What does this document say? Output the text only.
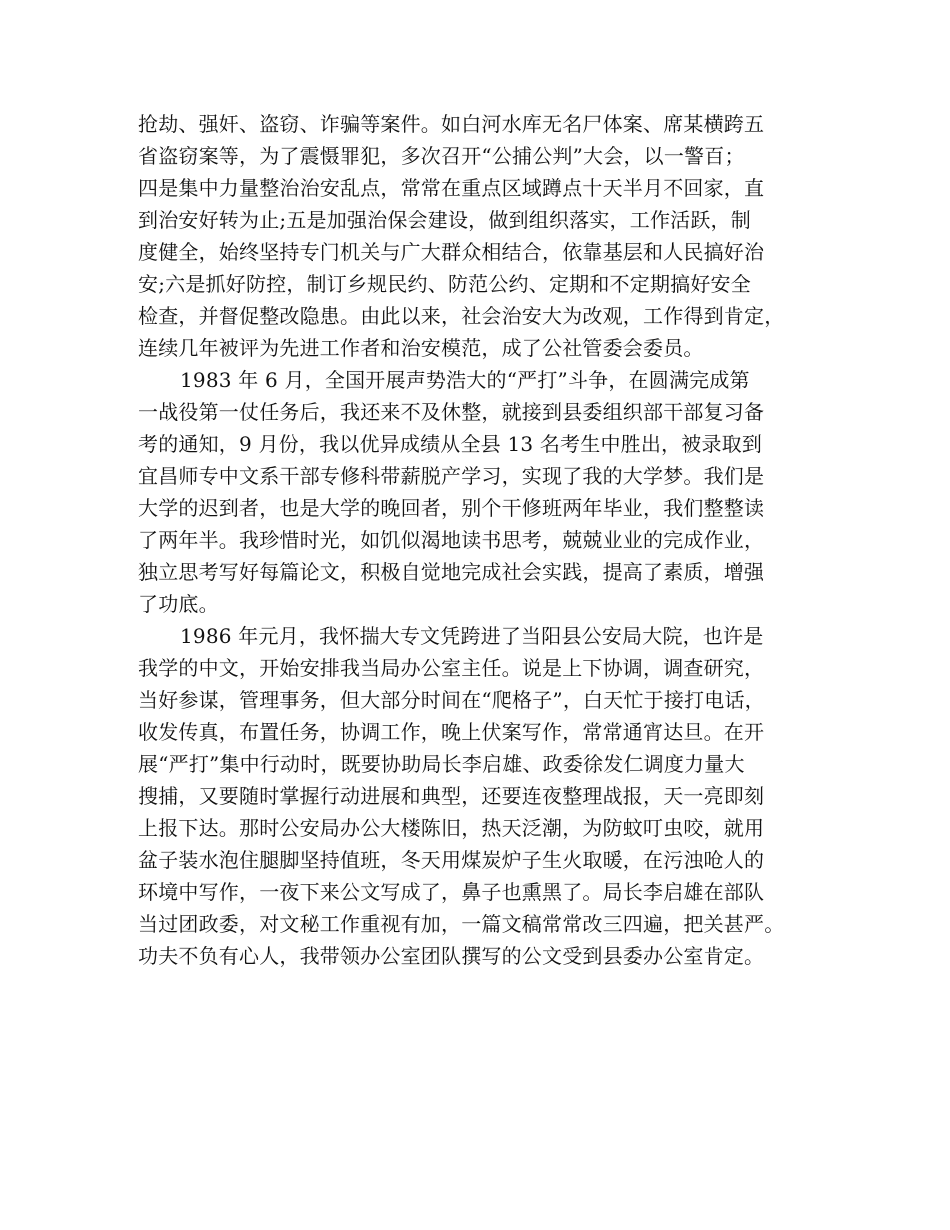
抢劫、强奸、盗窃、诈骗等案件。如白河水库无名尸体案、席某横跨五
省盗窃案等，为了震慑罪犯，多次召开“公捕公判”大会，以一警百；
四是集中力量整治治安乱点，常常在重点区域蹲点十天半月不回家，直
到治安好转为止;五是加强治保会建设，做到组织落实，工作活跃，制
度健全，始终坚持专门机关与广大群众相结合，依靠基层和人民搞好治
安;六是抓好防控，制订乡规民约、防范公约、定期和不定期搞好安全
检查，并督促整改隐患。由此以来，社会治安大为改观，工作得到肯定，
连续几年被评为先进工作者和治安模范，成了公社管委会委员。
1983 年 6 月，全国开展声势浩大的“严打”斗争，在圆满完成第
一战役第一仗任务后，我还来不及休整，就接到县委组织部干部复习备
考的通知，9 月份，我以优异成绩从全县 13 名考生中胜出，被录取到
宜昌师专中文系干部专修科带薪脱产学习，实现了我的大学梦。我们是
大学的迟到者，也是大学的晚回者，别个干修班两年毕业，我们整整读
了两年半。我珍惜时光，如饥似渴地读书思考，兢兢业业的完成作业，
独立思考写好每篇论文，积极自觉地完成社会实践，提高了素质，增强
了功底。
1986 年元月，我怀揣大专文凭跨进了当阳县公安局大院，也许是
我学的中文，开始安排我当局办公室主任。说是上下协调，调查研究，
当好参谋，管理事务，但大部分时间在“爬格子”，白天忙于接打电话，
收发传真，布置任务，协调工作，晚上伏案写作，常常通宵达旦。在开
展“严打”集中行动时，既要协助局长李启雄、政委徐发仁调度力量大
搜捕，又要随时掌握行动进展和典型，还要连夜整理战报，天一亮即刻
上报下达。那时公安局办公大楼陈旧，热天泛潮，为防蚊叮虫咬，就用
盆子装水泡住腿脚坚持值班，冬天用煤炭炉子生火取暖，在污浊呛人的
环境中写作，一夜下来公文写成了，鼻子也熏黑了。局长李启雄在部队
当过团政委，对文秘工作重视有加，一篇文稿常常改三四遍，把关甚严。
功夫不负有心人，我带领办公室团队撰写的公文受到县委办公室肯定。
